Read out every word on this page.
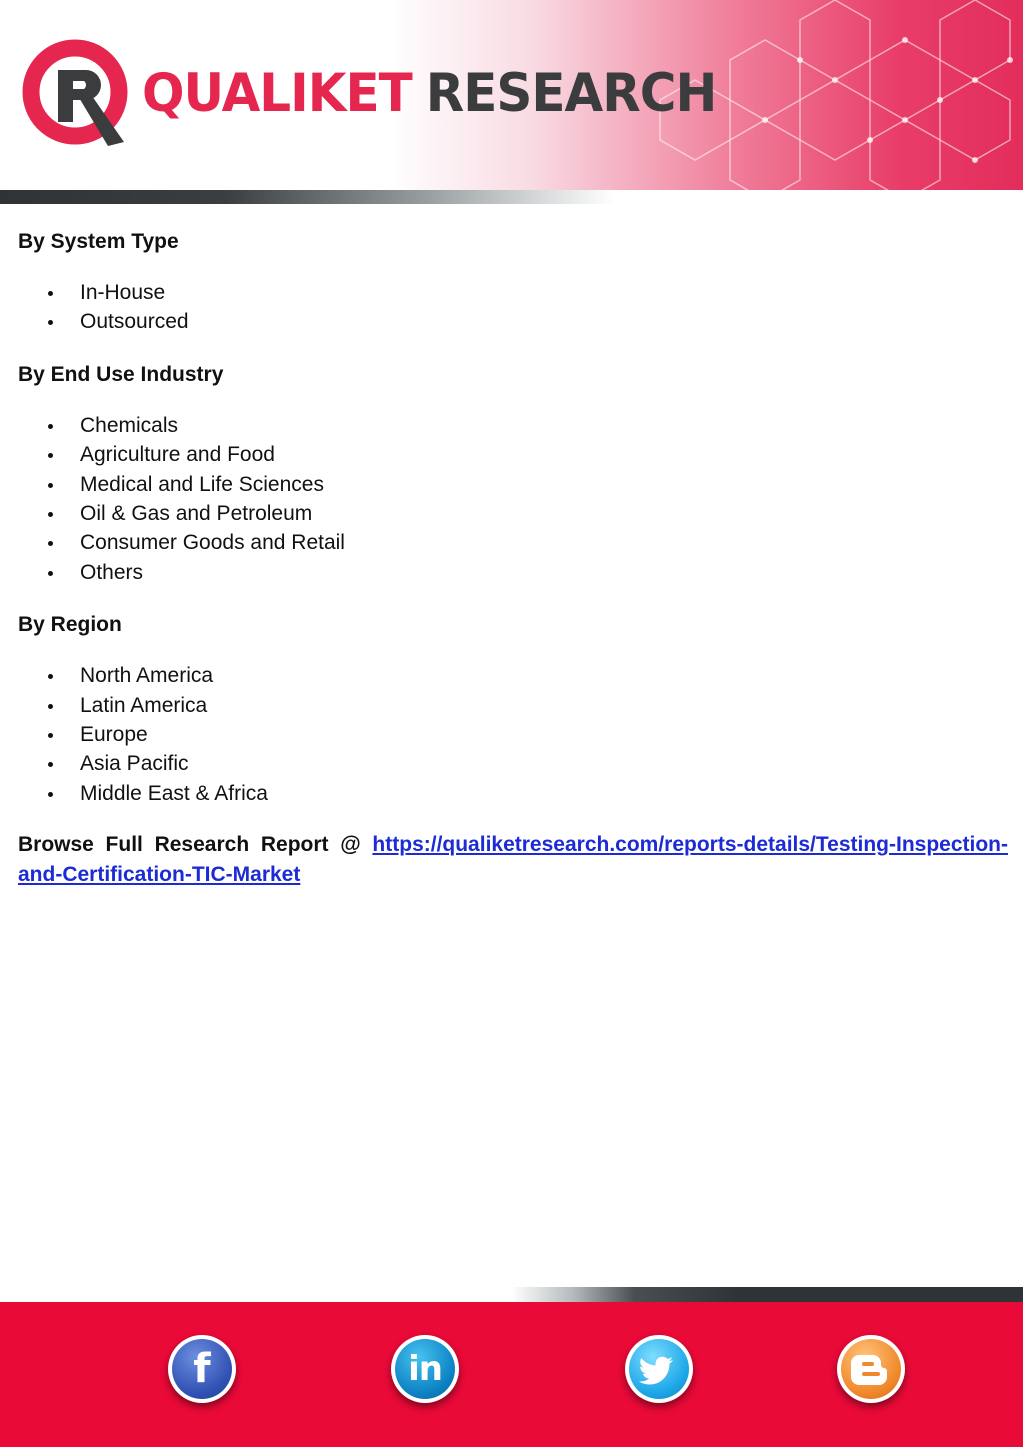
QUALIKET RESEARCH
By System Type
In-House
Outsourced
By End Use Industry
Chemicals
Agriculture and Food
Medical and Life Sciences
Oil & Gas and Petroleum
Consumer Goods and Retail
Others
By Region
North America
Latin America
Europe
Asia Pacific
Middle East & Africa
Browse Full Research Report @ https://qualiketresearch.com/reports-details/Testing-Inspection-and-Certification-TIC-Market
f	in
